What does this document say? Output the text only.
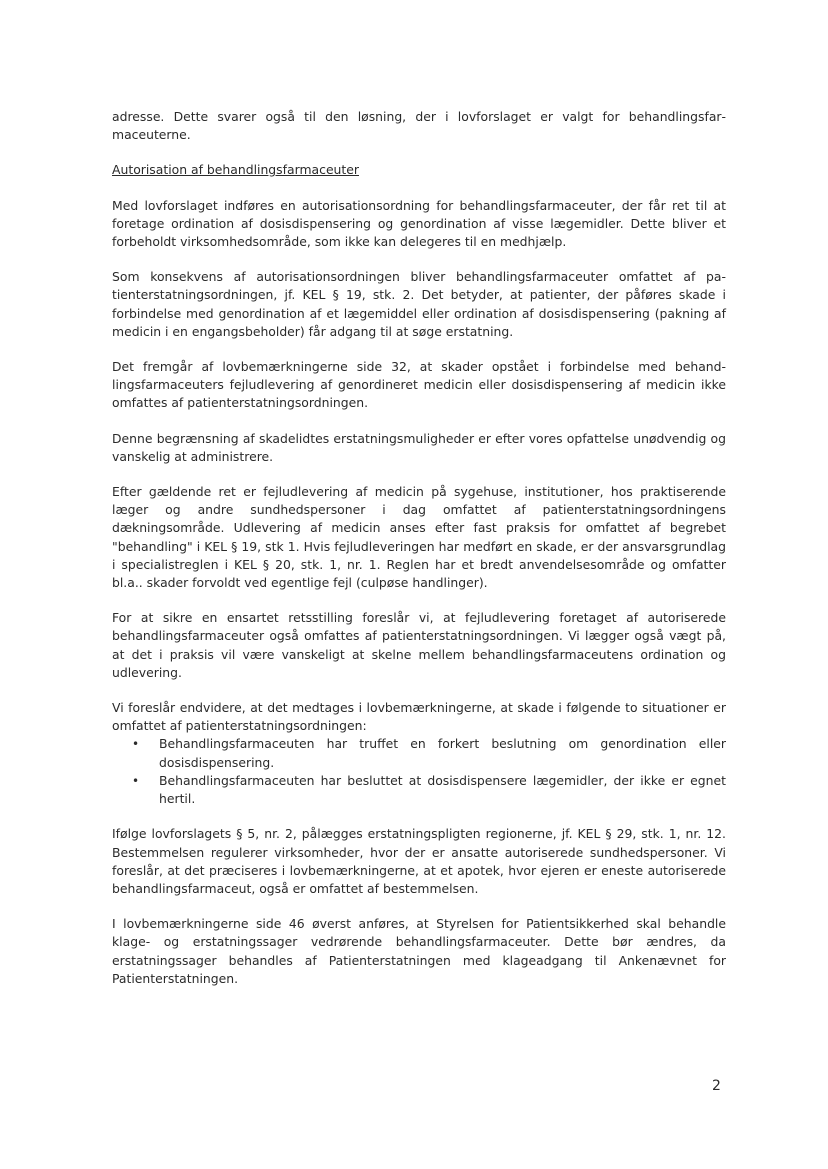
adresse. Dette svarer også til den løsning, der i lovforslaget er valgt for behandlingsfarmaceuterne.

Autorisation af behandlingsfarmaceuter

Med lovforslaget indføres en autorisationsordning for behandlingsfarmaceuter, der får ret til at foretage ordination af dosisdispensering og genordination af visse lægemidler. Dette bliver et forbeholdt virksomhedsområde, som ikke kan delegeres til en medhjælp.

Som konsekvens af autorisationsordningen bliver behandlingsfarmaceuter omfattet af patienterstatningsordningen, jf. KEL § 19, stk. 2. Det betyder, at patienter, der påføres skade i forbindelse med genordination af et lægemiddel eller ordination af dosisdispensering (pakning af medicin i en engangsbeholder) får adgang til at søge erstatning.

Det fremgår af lovbemærkningerne side 32, at skader opstået i forbindelse med behandlingsfarmaceuters fejludlevering af genordineret medicin eller dosisdispensering af medicin ikke omfattes af patienterstatningsordningen.

Denne begrænsning af skadelidtes erstatningsmuligheder er efter vores opfattelse unødvendig og vanskelig at administrere.

Efter gældende ret er fejludlevering af medicin på sygehuse, institutioner, hos praktiserende læger og andre sundhedspersoner i dag omfattet af patienterstatningsordningens dækningsområde. Udlevering af medicin anses efter fast praksis for omfattet af begrebet "behandling" i KEL § 19, stk 1. Hvis fejludleveringen har medført en skade, er der ansvarsgrundlag i specialistreglen i KEL § 20, stk. 1, nr. 1. Reglen har et bredt anvendelsesområde og omfatter bl.a.. skader forvoldt ved egentlige fejl (culpøse handlinger).

For at sikre en ensartet retsstilling foreslår vi, at fejludlevering foretaget af autoriserede behandlingsfarmaceuter også omfattes af patienterstatningsordningen. Vi lægger også vægt på, at det i praksis vil være vanskeligt at skelne mellem behandlingsfarmaceutens ordination og udlevering.

Vi foreslår endvidere, at det medtages i lovbemærkningerne, at skade i følgende to situationer er omfattet af patienterstatningsordningen:

• Behandlingsfarmaceuten har truffet en forkert beslutning om genordination eller dosisdispensering.
• Behandlingsfarmaceuten har besluttet at dosisdispensere lægemidler, der ikke er egnet hertil.

Ifølge lovforslagets § 5, nr. 2, pålægges erstatningspligten regionerne, jf. KEL § 29, stk. 1, nr. 12. Bestemmelsen regulerer virksomheder, hvor der er ansatte autoriserede sundhedspersoner. Vi foreslår, at det præciseres i lovbemærkningerne, at et apotek, hvor ejeren er eneste autoriserede behandlingsfarmaceut, også er omfattet af bestemmelsen.

I lovbemærkningerne side 46 øverst anføres, at Styrelsen for Patientsikkerhed skal behandle klage- og erstatningssager vedrørende behandlingsfarmaceuter. Dette bør ændres, da erstatningssager behandles af Patienterstatningen med klageadgang til Ankenævnet for Patienterstatningen.

2
